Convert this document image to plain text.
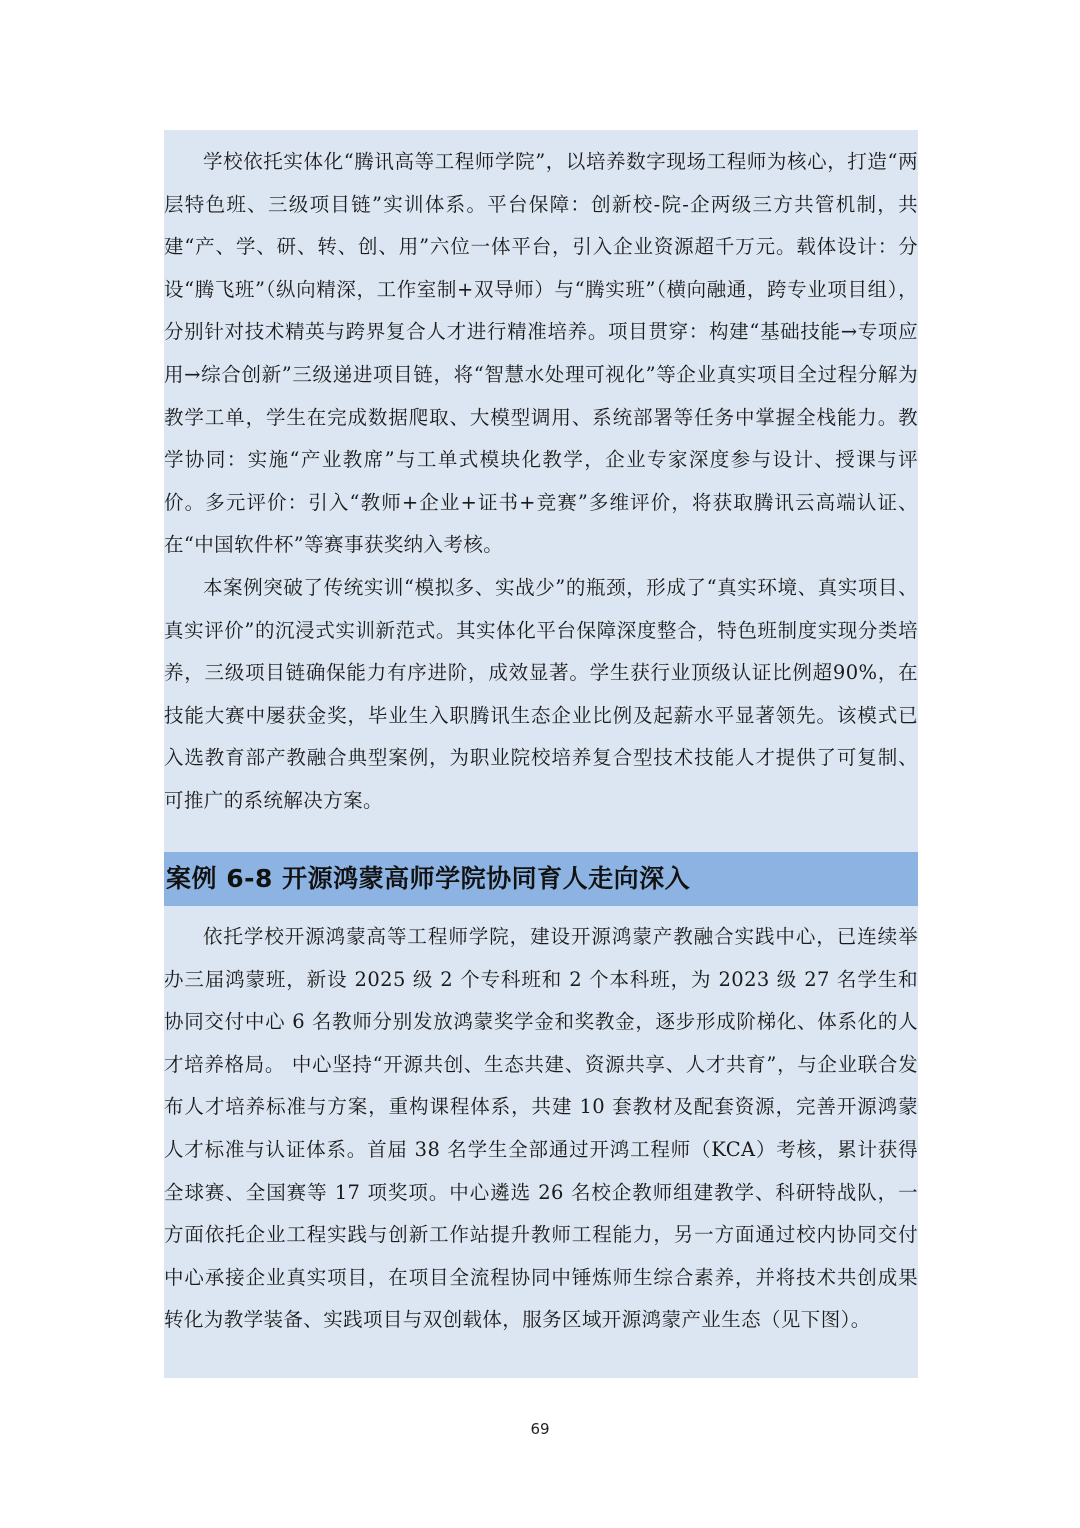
学校依托实体化“腾讯高等工程师学院”，以培养数字现场工程师为核心，打造“两层特色班、三级项目链”实训体系。平台保障：创新校-院-企两级三方共管机制，共建“产、学、研、转、创、用”六位一体平台，引入企业资源超千万元。载体设计：分设“腾飞班”（纵向精深，工作室制+双导师）与“腾实班”（横向融通，跨专业项目组），分别针对技术精英与跨界复合人才进行精准培养。项目贯穿：构建“基础技能→专项应用→综合创新”三级递进项目链，将“智慧水处理可视化”等企业真实项目全过程分解为教学工单，学生在完成数据爬取、大模型调用、系统部署等任务中掌握全栈能力。教学协同：实施“产业教席”与工单式模块化教学，企业专家深度参与设计、授课与评价。多元评价：引入“教师+企业+证书+竞赛”多维评价，将获取腾讯云高端认证、在“中国软件杯”等赛事获奖纳入考核。

本案例突破了传统实训“模拟多、实战少”的瓶颈，形成了“真实环境、真实项目、真实评价”的沉浸式实训新范式。其实体化平台保障深度整合，特色班制度实现分类培养，三级项目链确保能力有序进阶，成效显著。学生获行业顶级认证比例超90%，在技能大赛中屡获金奖，毕业生入职腾讯生态企业比例及起薪水平显著领先。该模式已入选教育部产教融合典型案例，为职业院校培养复合型技术技能人才提供了可复制、可推广的系统解决方案。

案例 6-8 开源鸿蒙高师学院协同育人走向深入

依托学校开源鸿蒙高等工程师学院，建设开源鸿蒙产教融合实践中心，已连续举办三届鸿蒙班，新设 2025 级 2 个专科班和 2 个本科班，为 2023 级 27 名学生和协同交付中心 6 名教师分别发放鸿蒙奖学金和奖教金，逐步形成阶梯化、体系化的人才培养格局。 中心坚持“开源共创、生态共建、资源共享、人才共育”，与企业联合发布人才培养标准与方案，重构课程体系，共建 10 套教材及配套资源，完善开源鸿蒙人才标准与认证体系。首届 38 名学生全部通过开鸿工程师（KCA）考核，累计获得全球赛、全国赛等 17 项奖项。中心遴选 26 名校企教师组建教学、科研特战队，一方面依托企业工程实践与创新工作站提升教师工程能力，另一方面通过校内协同交付中心承接企业真实项目，在项目全流程协同中锤炼师生综合素养，并将技术共创成果转化为教学装备、实践项目与双创载体，服务区域开源鸿蒙产业生态（见下图）。

69
